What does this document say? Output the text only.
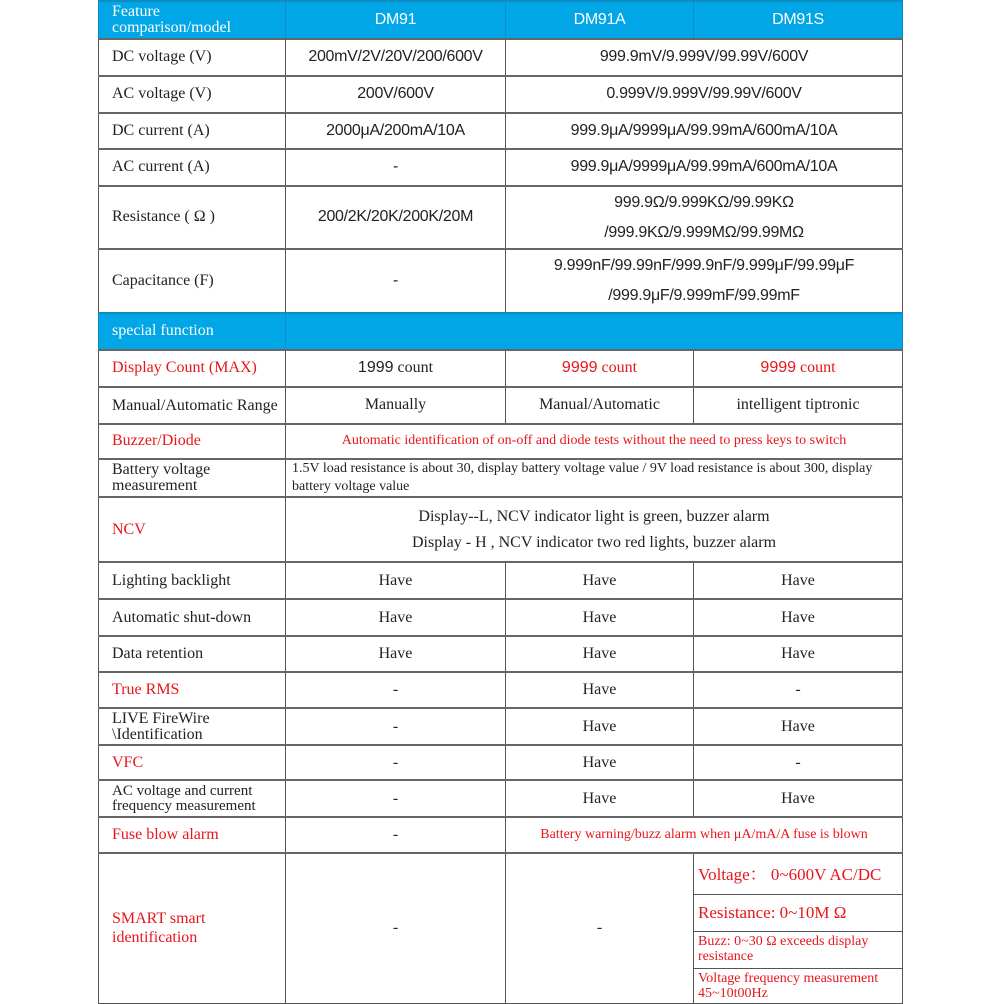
Feature comparison/model	DM91	DM91A	DM91S
DC voltage (V)	200mV/2V/20V/200/600V	999.9mV/9.999V/99.99V/600V	
AC voltage (V)	200V/600V	0.999V/9.999V/99.99V/600V	
DC current (A)	2000μA/200mA/10A	999.9μA/9999μA/99.99mA/600mA/10A	
AC current (A)	-	999.9μA/9999μA/99.99mA/600mA/10A	
Resistance ( Ω )	200/2K/20K/200K/20M	999.9Ω/9.999KΩ/99.99KΩ
/999.9KΩ/9.999MΩ/99.99MΩ	

Capacitance (F)	-	9.999nF/99.99nF/999.9nF/9.999μF/99.99μF
/999.9μF/9.999mF/99.99mF	

special function			
Display Count (MAX)	1999 count	9999 count	9999 count
Manual/Automatic Range	Manually	Manual/Automatic	intelligent tiptronic
Buzzer/Diode	Automatic identification of on-off and diode tests without the need to press keys to switch		
Battery voltage measurement	1.5V load resistance is about 30, display battery voltage value / 9V load resistance is about 300, display battery voltage value		
NCV	Display--L, NCV indicator light is green, buzzer alarm
Display - H , NCV indicator two red lights, buzzer alarm		

Lighting backlight	Have	Have	Have
Automatic shut-down	Have	Have	Have
Data retention	Have	Have	Have
True RMS	-	Have	-
LIVE FireWire \Identification	-	Have	Have
VFC	-	Have	-
AC voltage and current frequency measurement	-	Have	Have
Fuse blow alarm	-	Battery warning/buzz alarm when μA/mA/A fuse is blown	
SMART smart identification	-	-	Voltage： 0~600V AC/DC
Resistance: 0~10M Ω
Buzz: 0~30 Ω exceeds display resistance
Voltage frequency measurement 45~10t00Hz
